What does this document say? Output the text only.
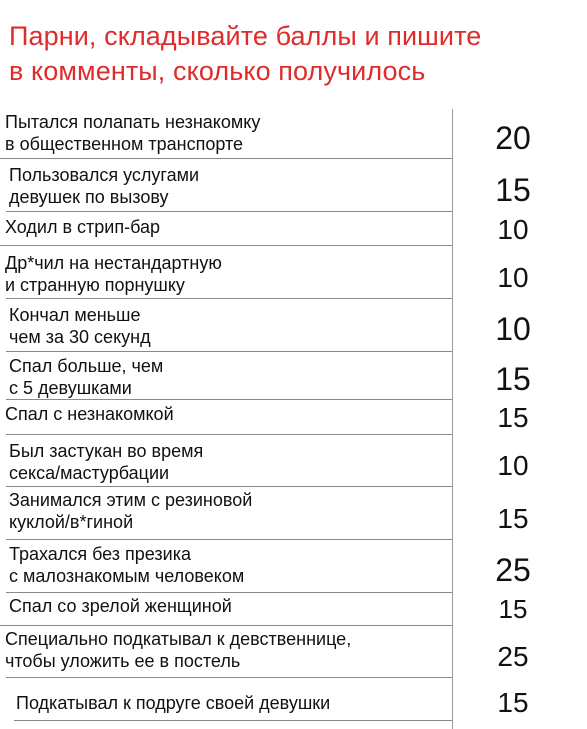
Парни, складывайте баллы и пишите
в комменты, сколько получилось
Пытался полапать незнакомку
в общественном транспорте	20
Пользовался услугами
девушек по вызову	15
Ходил в стрип-бар	10
Др*чил на нестандартную
и странную порнушку	10
Кончал меньше
чем за 30 секунд	10
Спал больше, чем
с 5 девушками	15
Спал с незнакомкой	15
Был застукан во время
секса/мастурбации	10
Занимался этим с резиновой
куклой/в*гиной	15
Трахался без презика
с малознакомым человеком	25
Спал со зрелой женщиной	15
Специально подкатывал к девственнице,
чтобы уложить ее в постель	25
Подкатывал к подруге своей девушки	15
